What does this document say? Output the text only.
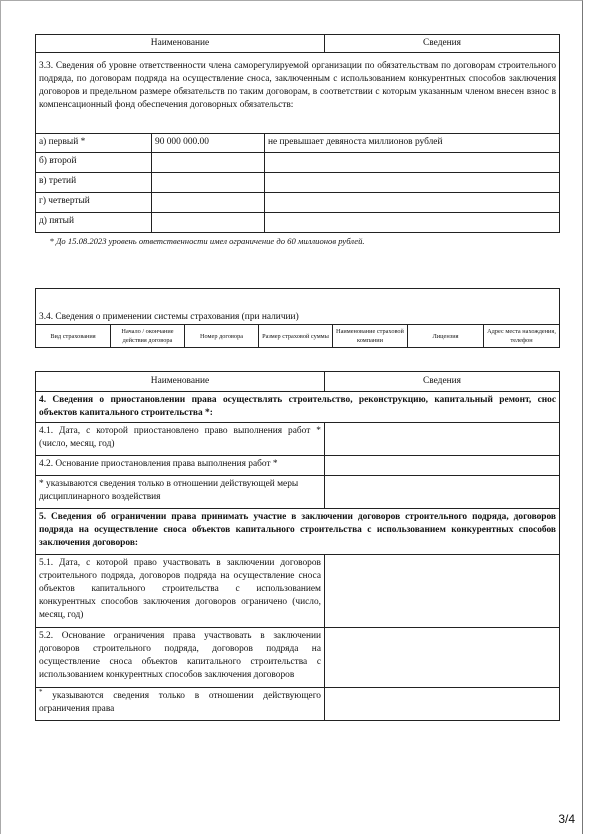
Наименование			Сведения

3.3. Сведения об уровне ответственности члена саморегулируемой организации по обязательствам по договорам строительного подряда, по договорам подряда на осуществление сноса, заключенным с использованием конкурентных способов заключения договоров и предельном размере обязательств по таким договорам, в соответствии с которым указанным членом внесен взнос в компенсационный фонд обеспечения договорных обязательств:			
а) первый *	90 000 000.00	не превышает девяноста миллионов рублей	
б) второй			
в) третий			
г) четвертый			
д) пятый			
* До 15.08.2023 уровень ответственности имел ограничение до 60 миллионов рублей.			

3.4. Сведения о применении системы страхования (при наличии)
Вид страхования	Начало / окончание действия договора	Номер договора	Размер страховой суммы	Наименование страховой компании	Лицензия	Адрес места нахождения, телефон
Наименование	Сведения
4. Сведения о приостановлении права осуществлять строительство, реконструкцию, капитальный ремонт, снос объектов капитального строительства *:	
4.1. Дата, с которой приостановлено право выполнения работ * (число, месяц, год)	
4.2. Основание приостановления права выполнения работ *	
* указываются сведения только в отношении действующей меры дисциплинарного воздействия	
5. Сведения об ограничении права принимать участие в заключении договоров строительного подряда, договоров подряда на осуществление сноса объектов капитального строительства с использованием конкурентных способов заключения договоров:	
5.1. Дата, с которой право участвовать в заключении договоров строительного подряда, договоров подряда на осуществление сноса объектов капитального строительства с использованием конкурентных способов заключения договоров ограничено (число, месяц, год)	
5.2. Основание ограничения права участвовать в заключении договоров строительного подряда, договоров подряда на осуществление сноса объектов капитального строительства с использованием конкурентных способов заключения договоров	
* указываются сведения только в отношении действующего ограничения права	
3/4
